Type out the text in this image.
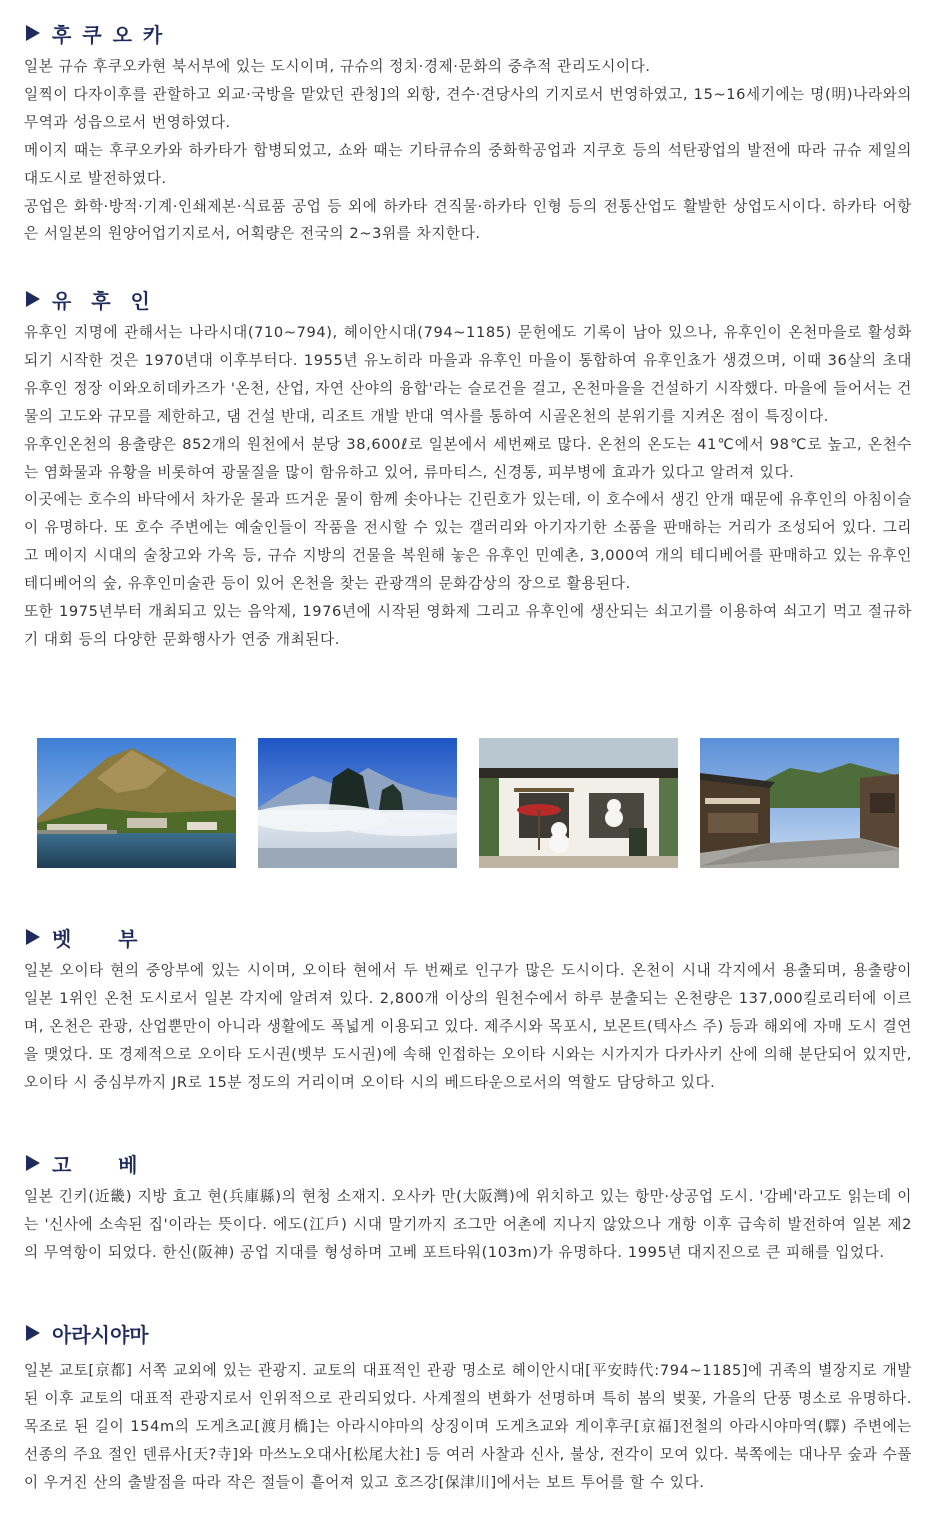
후 쿠 오 카

일본 규슈 후쿠오카현 북서부에 있는 도시이며, 규슈의 정치·경제·문화의 중추적 관리도시이다.

일찍이 다자이후를 관할하고 외교·국방을 맡았던 관청]의 외항, 견수·견당사의 기지로서 번영하였고, 15~16세기에는 명(明)나라와의 무역과 성읍으로서 번영하였다.

메이지 때는 후쿠오카와 하카타가 합병되었고, 쇼와 때는 기타큐슈의 중화학공업과 지쿠호 등의 석탄광업의 발전에 따라 규슈 제일의 대도시로 발전하였다.

공업은 화학·방적·기계·인쇄제본·식료품 공업 등 외에 하카타 견직물·하카타 인형 등의 전통산업도 활발한 상업도시이다. 하카타 어항은 서일본의 원양어업기지로서, 어획량은 전국의 2~3위를 차지한다.

유  후  인

유후인 지명에 관해서는 나라시대(710~794), 헤이안시대(794~1185) 문헌에도 기록이 남아 있으나, 유후인이 온천마을로 활성화되기 시작한 것은 1970년대 이후부터다. 1955년 유노히라 마을과 유후인 마을이 통합하여 유후인쵸가 생겼으며, 이때 36살의 초대 유후인 정장 이와오히데카즈가 '온천, 산업, 자연 산야의 융합'라는 슬로건을 걸고, 온천마을을 건설하기 시작했다. 마을에 들어서는 건물의 고도와 규모를 제한하고, 댐 건설 반대, 리조트 개발 반대 역사를 통하여 시골온천의 분위기를 지켜온 점이 특징이다.

유후인온천의 용출량은 852개의 원천에서 분당 38,600ℓ로 일본에서 세번째로 많다. 온천의 온도는 41℃에서 98℃로 높고, 온천수는 염화물과 유황을 비롯하여 광물질을 많이 함유하고 있어, 류마티스, 신경통, 피부병에 효과가 있다고 알려져 있다.

이곳에는 호수의 바닥에서 차가운 물과 뜨거운 물이 함께 솟아나는 긴린호가 있는데, 이 호수에서 생긴 안개 때문에 유후인의 아침이슬이 유명하다. 또 호수 주변에는 예술인들이 작품을 전시할 수 있는 갤러리와 아기자기한 소품을 판매하는 거리가 조성되어 있다. 그리고 메이지 시대의 술창고와 가옥 등, 규슈 지방의 건물을 복원해 놓은 유후인 민예촌, 3,000여 개의 테디베어를 판매하고 있는 유후인 테디베어의 숲, 유후인미술관 등이 있어 온천을 찾는 관광객의 문화감상의 장으로 활용된다.

또한 1975년부터 개최되고 있는 음악제, 1976년에 시작된 영화제 그리고 유후인에 생산되는 쇠고기를 이용하여 쇠고기 먹고 절규하기 대회 등의 다양한 문화행사가 연중 개최된다.

벳     부

일본 오이타 현의 중앙부에 있는 시이며, 오이타 현에서 두 번째로 인구가 많은 도시이다. 온천이 시내 각지에서 용출되며, 용출량이 일본 1위인 온천 도시로서 일본 각지에 알려져 있다. 2,800개 이상의 원천수에서 하루 분출되는 온천량은 137,000킬로리터에 이르며, 온천은 관광, 산업뿐만이 아니라 생활에도 폭넓게 이용되고 있다. 제주시와 목포시, 보몬트(텍사스 주) 등과 해외에 자매 도시 결연을 맺었다. 또 경제적으로 오이타 도시권(벳부 도시권)에 속해 인접하는 오이타 시와는 시가지가 다카사키 산에 의해 분단되어 있지만, 오이타 시 중심부까지 JR로 15분 정도의 거리이며 오이타 시의 베드타운으로서의 역할도 담당하고 있다.

고     베

일본 긴키(近畿) 지방 효고 현(兵庫縣)의 현청 소재지. 오사카 만(大阪灣)에 위치하고 있는 항만·상공업 도시. '감베'라고도 읽는데 이는 '신사에 소속된 집'이라는 뜻이다. 에도(江戶) 시대 말기까지 조그만 어촌에 지나지 않았으나 개항 이후 급속히 발전하여 일본 제2의 무역항이 되었다. 한신(阪神) 공업 지대를 형성하며 고베 포트타워(103m)가 유명하다. 1995년 대지진으로 큰 피해를 입었다.

아라시야마

일본 교토[京都] 서쪽 교외에 있는 관광지. 교토의 대표적인 관광 명소로 헤이안시대[平安時代:794~1185]에 귀족의 별장지로 개발된 이후 교토의 대표적 관광지로서 인위적으로 관리되었다. 사계절의 변화가 선명하며 특히 봄의 벚꽃, 가을의 단풍 명소로 유명하다. 목조로 된 길이 154m의 도게츠교[渡月橋]는 아라시야마의 상징이며 도게츠교와 게이후쿠[京福]전철의 아라시야마역(驛) 주변에는 선종의 주요 절인 덴류사[天?寺]와 마쓰노오대사[松尾大社] 등 여러 사찰과 신사, 불상, 전각이 모여 있다. 북쪽에는 대나무 숲과 수풀이 우거진 산의 출발점을 따라 작은 절들이 흩어져 있고 호즈강[保津川]에서는 보트 투어를 할 수 있다.
